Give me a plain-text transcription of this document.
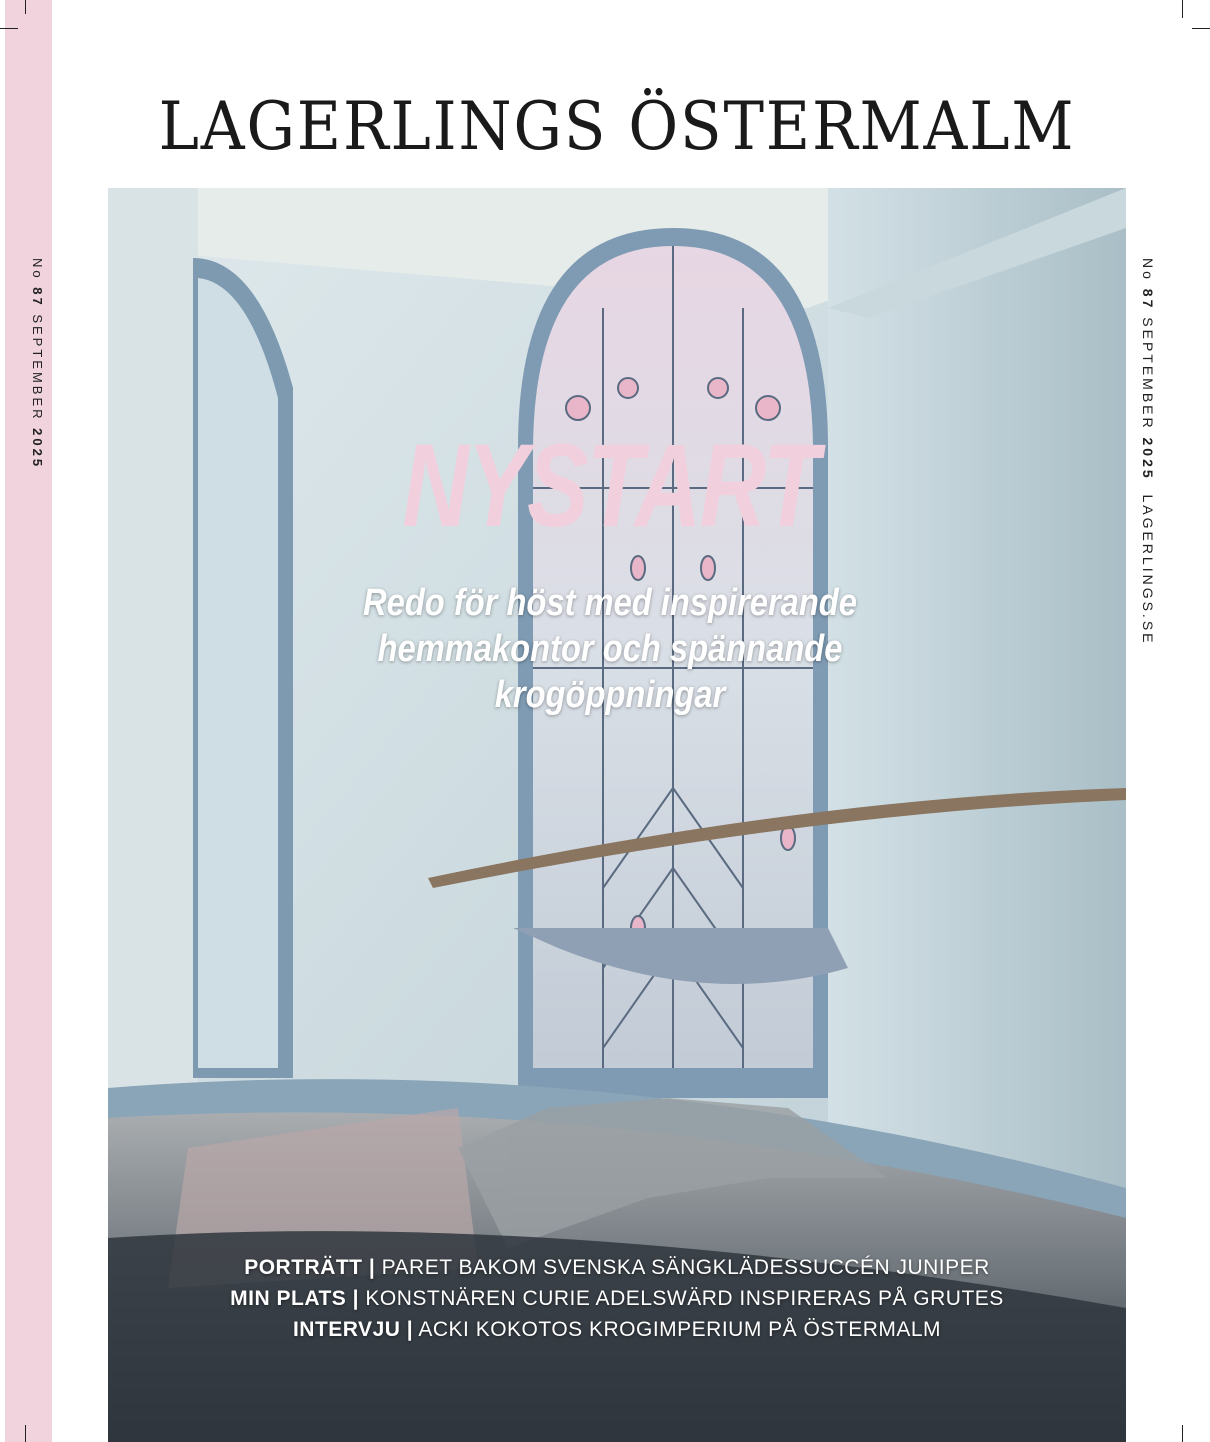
No 87 SEPTEMBER 2025
No 87 SEPTEMBER 2025  LAGERLINGS.SE
LAGERLINGS ÖSTERMALM
NYSTART
Redo för höst med inspirerande hemmakontor och spännande krogöppningar
PORTRÄTT | PARET BAKOM SVENSKA SÄNGKLÄDESSUCCÉN JUNIPER
MIN PLATS | KONSTNÄREN CURIE ADELSWÄRD INSPIRERAS PÅ GRUTES
INTERVJU | ACKI KOKOTOS KROGIMPERIUM PÅ ÖSTERMALM
